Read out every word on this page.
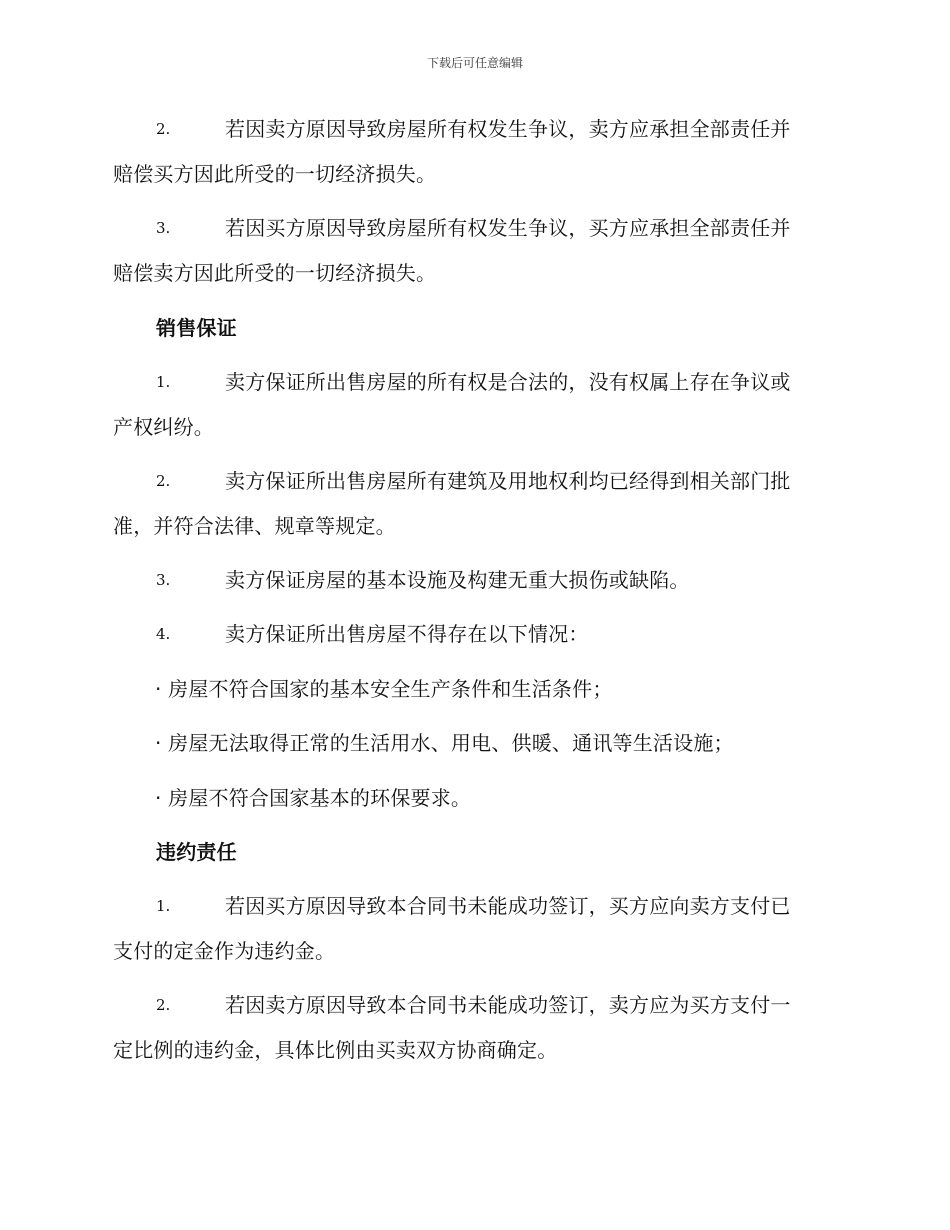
下载后可任意编辑
2.	若因卖方原因导致房屋所有权发生争议，卖方应承担全部责任并
赔偿买方因此所受的一切经济损失。
3.	若因买方原因导致房屋所有权发生争议，买方应承担全部责任并
赔偿卖方因此所受的一切经济损失。
销售保证
1.	卖方保证所出售房屋的所有权是合法的，没有权属上存在争议或
产权纠纷。
2.	卖方保证所出售房屋所有建筑及用地权利均已经得到相关部门批
准，并符合法律、规章等规定。
3.	卖方保证房屋的基本设施及构建无重大损伤或缺陷。
4.	卖方保证所出售房屋不得存在以下情况：
· 房屋不符合国家的基本安全生产条件和生活条件；
· 房屋无法取得正常的生活用水、用电、供暖、通讯等生活设施；
· 房屋不符合国家基本的环保要求。
违约责任
1.	若因买方原因导致本合同书未能成功签订，买方应向卖方支付已
支付的定金作为违约金。
2.	若因卖方原因导致本合同书未能成功签订，卖方应为买方支付一
定比例的违约金，具体比例由买卖双方协商确定。
